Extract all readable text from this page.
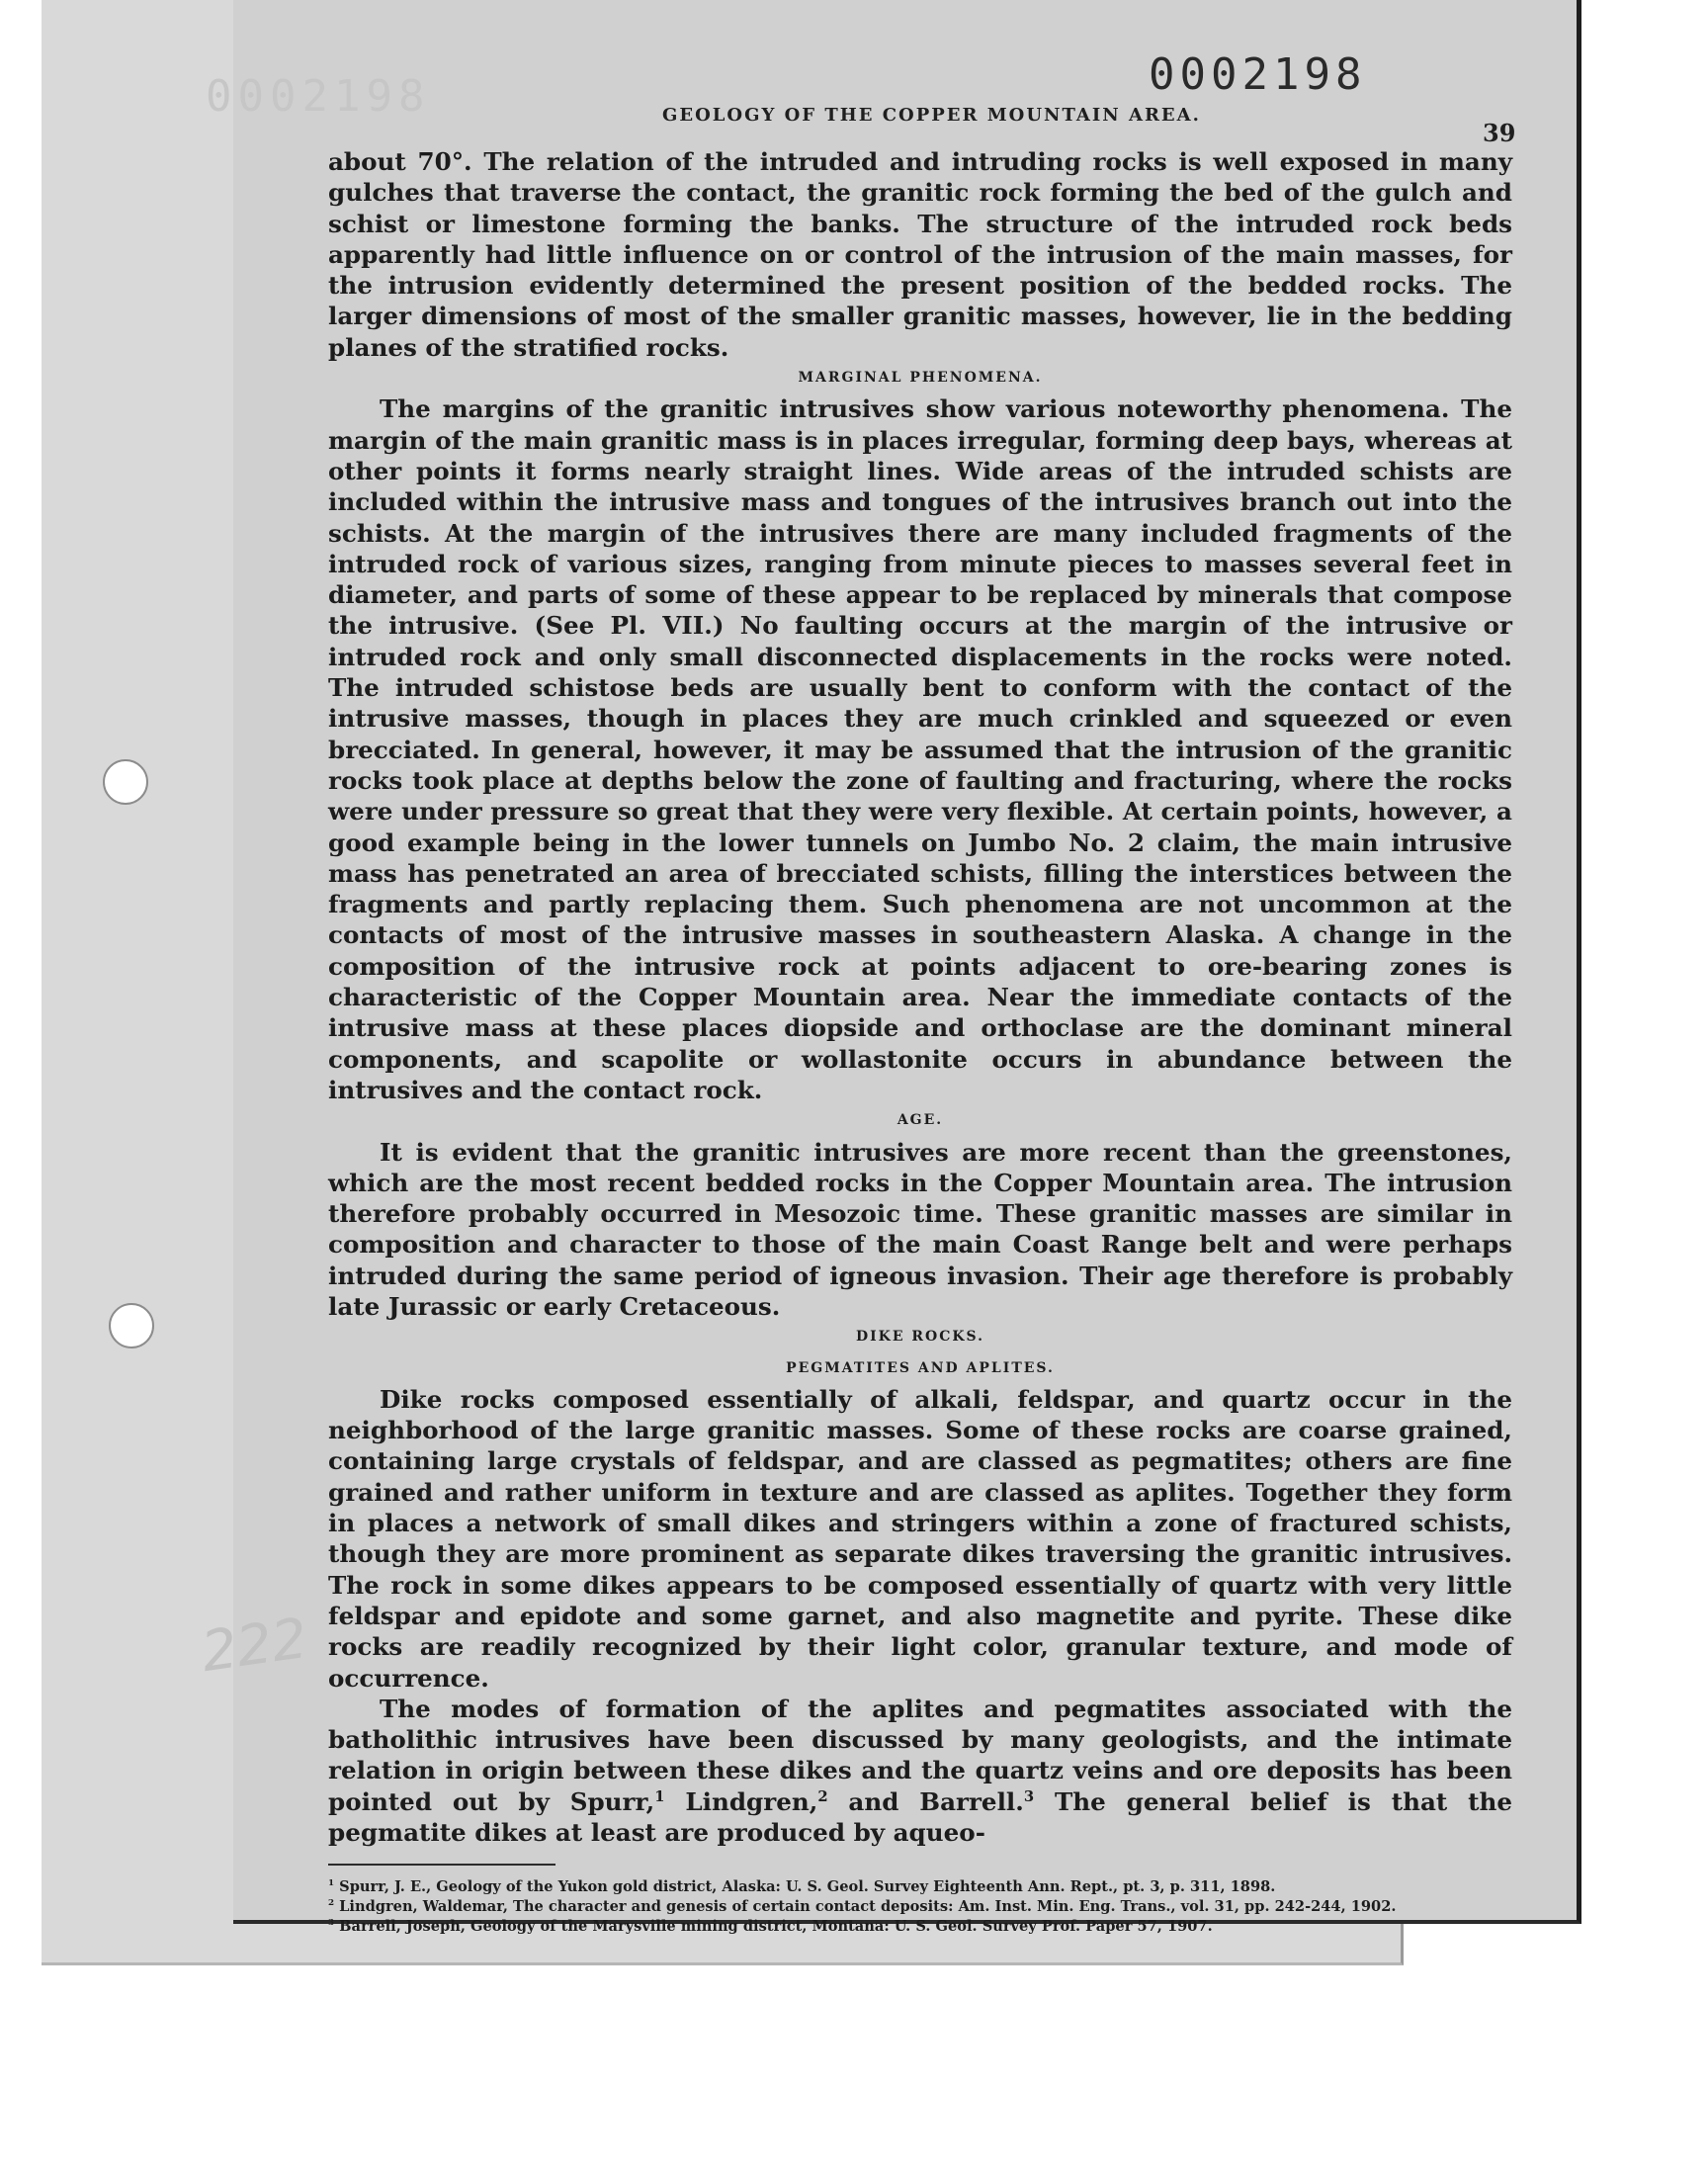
0002198
222
0002198
GEOLOGY OF THE COPPER MOUNTAIN AREA.
39

about 70°. The relation of the intruded and intruding rocks is well exposed in many gulches that traverse the contact, the granitic rock forming the bed of the gulch and schist or limestone forming the banks. The structure of the intruded rock beds apparently had little influence on or control of the intrusion of the main masses, for the intrusion evidently determined the present position of the bedded rocks. The larger dimensions of most of the smaller granitic masses, however, lie in the bedding planes of the stratified rocks.

MARGINAL PHENOMENA.

The margins of the granitic intrusives show various noteworthy phenomena. The margin of the main granitic mass is in places irregular, forming deep bays, whereas at other points it forms nearly straight lines. Wide areas of the intruded schists are included within the intrusive mass and tongues of the intrusives branch out into the schists. At the margin of the intrusives there are many included fragments of the intruded rock of various sizes, ranging from minute pieces to masses several feet in diameter, and parts of some of these appear to be replaced by minerals that compose the intrusive. (See Pl. VII.) No faulting occurs at the margin of the intrusive or intruded rock and only small disconnected displacements in the rocks were noted. The intruded schistose beds are usually bent to conform with the contact of the intrusive masses, though in places they are much crinkled and squeezed or even brecciated. In general, however, it may be assumed that the intrusion of the granitic rocks took place at depths below the zone of faulting and fracturing, where the rocks were under pressure so great that they were very flexible. At certain points, however, a good example being in the lower tunnels on Jumbo No. 2 claim, the main intrusive mass has penetrated an area of brecciated schists, filling the interstices between the fragments and partly replacing them. Such phenomena are not uncommon at the contacts of most of the intrusive masses in southeastern Alaska. A change in the composition of the intrusive rock at points adjacent to ore-bearing zones is characteristic of the Copper Mountain area. Near the immediate contacts of the intrusive mass at these places diopside and orthoclase are the dominant mineral components, and scapolite or wollastonite occurs in abundance between the intrusives and the contact rock.

AGE.

It is evident that the granitic intrusives are more recent than the greenstones, which are the most recent bedded rocks in the Copper Mountain area. The intrusion therefore probably occurred in Mesozoic time. These granitic masses are similar in composition and character to those of the main Coast Range belt and were perhaps intruded during the same period of igneous invasion. Their age therefore is probably late Jurassic or early Cretaceous.

DIKE ROCKS.

PEGMATITES AND APLITES.

Dike rocks composed essentially of alkali, feldspar, and quartz occur in the neighborhood of the large granitic masses. Some of these rocks are coarse grained, containing large crystals of feldspar, and are classed as pegmatites; others are fine grained and rather uniform in texture and are classed as aplites. Together they form in places a network of small dikes and stringers within a zone of fractured schists, though they are more prominent as separate dikes traversing the granitic intrusives. The rock in some dikes appears to be composed essentially of quartz with very little feldspar and epidote and some garnet, and also magnetite and pyrite. These dike rocks are readily recognized by their light color, granular texture, and mode of occurrence.

The modes of formation of the aplites and pegmatites associated with the batholithic intrusives have been discussed by many geologists, and the intimate relation in origin between these dikes and the quartz veins and ore deposits has been pointed out by Spurr,$^1$ Lindgren,$^2$ and Barrell.$^3$ The general belief is that the pegmatite dikes at least are produced by aqueo-

$^1$ Spurr, J. E., Geology of the Yukon gold district, Alaska: U. S. Geol. Survey Eighteenth Ann. Rept., pt. 3, p. 311, 1898.

$^2$ Lindgren, Waldemar, The character and genesis of certain contact deposits: Am. Inst. Min. Eng. Trans., vol. 31, pp. 242-244, 1902.

$^3$ Barrell, Joseph, Geology of the Marysville mining district, Montana: U. S. Geol. Survey Prof. Paper 57, 1907.
